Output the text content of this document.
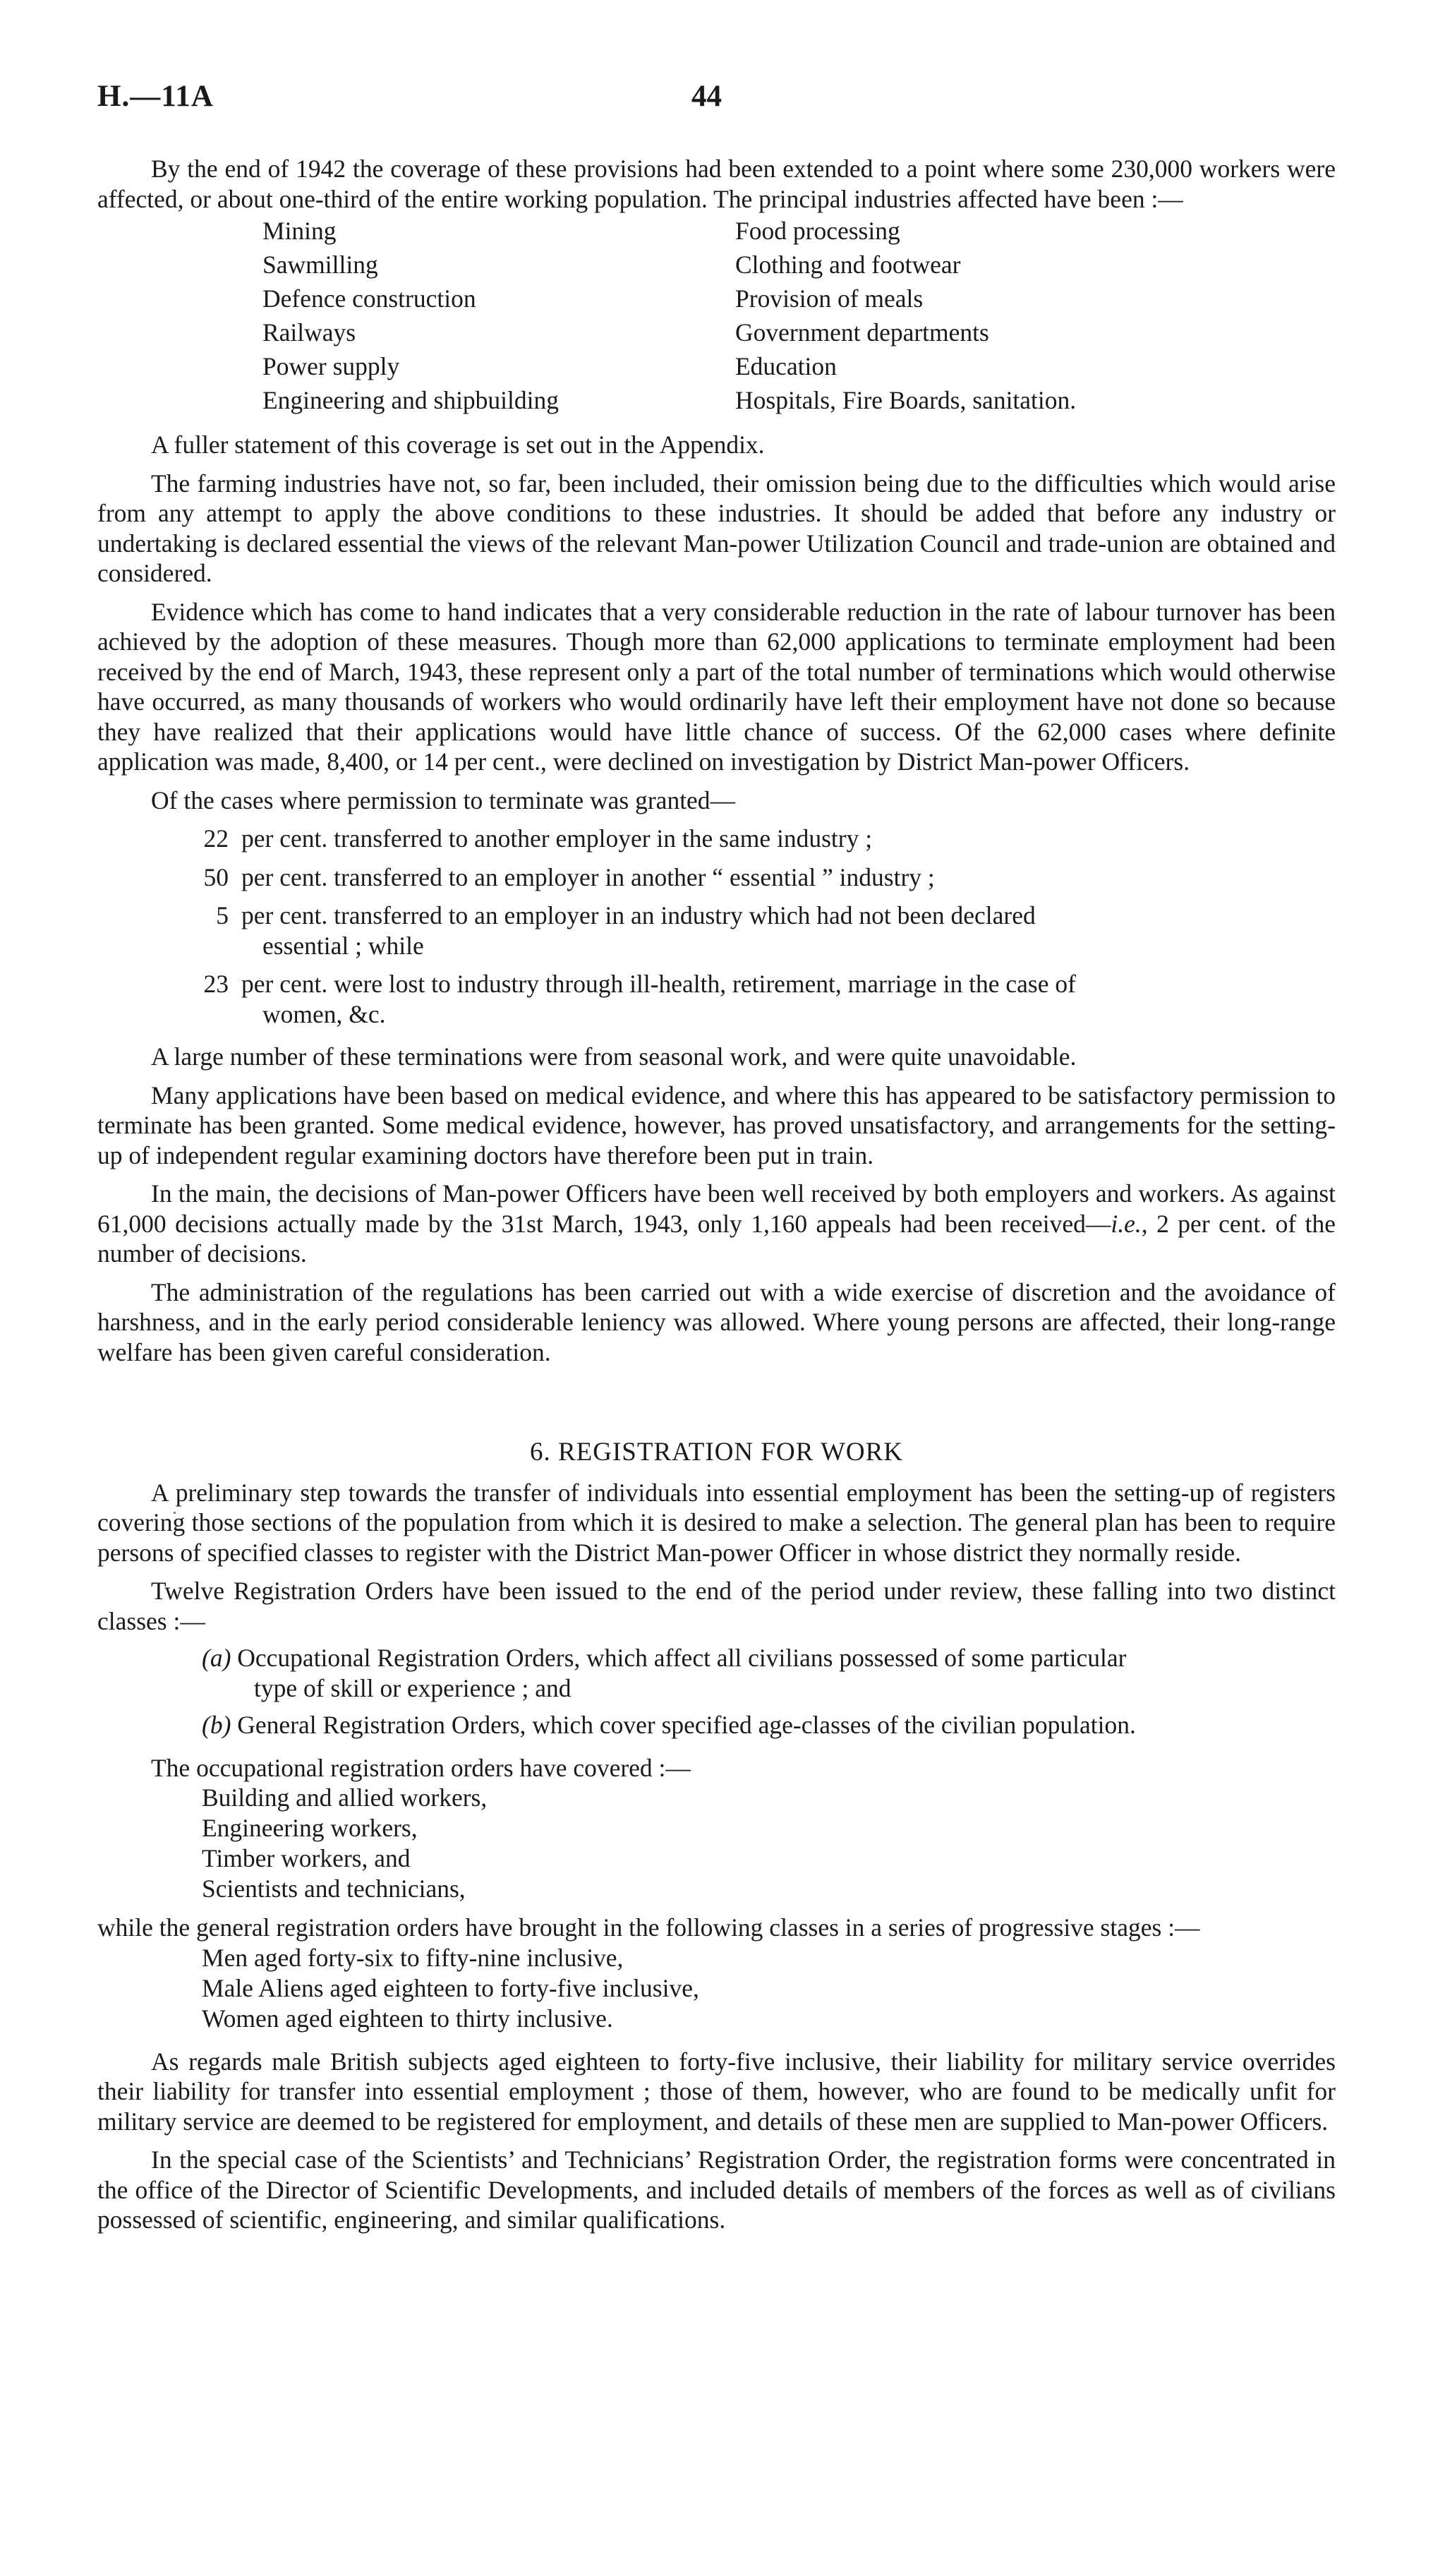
H.—11A	44

By the end of 1942 the coverage of these provisions had been extended to a point where some 230,000 workers were affected, or about one-third of the entire working population. The principal industries affected have been :—

Mining	Food processing
Sawmilling	Clothing and footwear
Defence construction	Provision of meals
Railways	Government departments
Power supply	Education
Engineering and shipbuilding	Hospitals, Fire Boards, sanitation.

A fuller statement of this coverage is set out in the Appendix.

The farming industries have not, so far, been included, their omission being due to the difficulties which would arise from any attempt to apply the above conditions to these industries. It should be added that before any industry or undertaking is declared essential the views of the relevant Man-power Utilization Council and trade-union are obtained and considered.

Evidence which has come to hand indicates that a very considerable reduction in the rate of labour turnover has been achieved by the adoption of these measures. Though more than 62,000 applications to terminate employment had been received by the end of March, 1943, these represent only a part of the total number of terminations which would otherwise have occurred, as many thousands of workers who would ordinarily have left their employment have not done so because they have realized that their applications would have little chance of success. Of the 62,000 cases where definite application was made, 8,400, or 14 per cent., were declined on investigation by District Man-power Officers.

Of the cases where permission to terminate was granted—

22 per cent. transferred to another employer in the same industry ;
50 per cent. transferred to an employer in another “ essential ” industry ;
5 per cent. transferred to an employer in an industry which had not been declared
essential ; while
23 per cent. were lost to industry through ill-health, retirement, marriage in the case of
women, &c.

A large number of these terminations were from seasonal work, and were quite unavoidable.

Many applications have been based on medical evidence, and where this has appeared to be satisfactory permission to terminate has been granted. Some medical evidence, however, has proved unsatisfactory, and arrangements for the setting-up of independent regular examining doctors have therefore been put in train.

In the main, the decisions of Man-power Officers have been well received by both employers and workers. As against 61,000 decisions actually made by the 31st March, 1943, only 1,160 appeals had been received—i.e., 2 per cent. of the number of decisions.

The administration of the regulations has been carried out with a wide exercise of discretion and the avoidance of harshness, and in the early period considerable leniency was allowed. Where young persons are affected, their long-range welfare has been given careful consideration.

6. REGISTRATION FOR WORK

A preliminary step towards the transfer of individuals into essential employment has been the setting-up of registers covering those sections of the population from which it is desired to make a selection. The general plan has been to require persons of specified classes to register with the District Man-power Officer in whose district they normally reside.

Twelve Registration Orders have been issued to the end of the period under review, these falling into two distinct classes :—

(a) Occupational Registration Orders, which affect all civilians possessed of some particular
type of skill or experience ; and
(b) General Registration Orders, which cover specified age-classes of the civilian population.

The occupational registration orders have covered :—

Building and allied workers,
Engineering workers,
Timber workers, and
Scientists and technicians,

while the general registration orders have brought in the following classes in a series of progressive stages :—

Men aged forty-six to fifty-nine inclusive,
Male Aliens aged eighteen to forty-five inclusive,
Women aged eighteen to thirty inclusive.

As regards male British subjects aged eighteen to forty-five inclusive, their liability for military service overrides their liability for transfer into essential employment ; those of them, however, who are found to be medically unfit for military service are deemed to be registered for employment, and details of these men are supplied to Man-power Officers.

In the special case of the Scientists’ and Technicians’ Registration Order, the registration forms were concentrated in the office of the Director of Scientific Developments, and included details of members of the forces as well as of civilians possessed of scientific, engineering, and similar qualifications.
